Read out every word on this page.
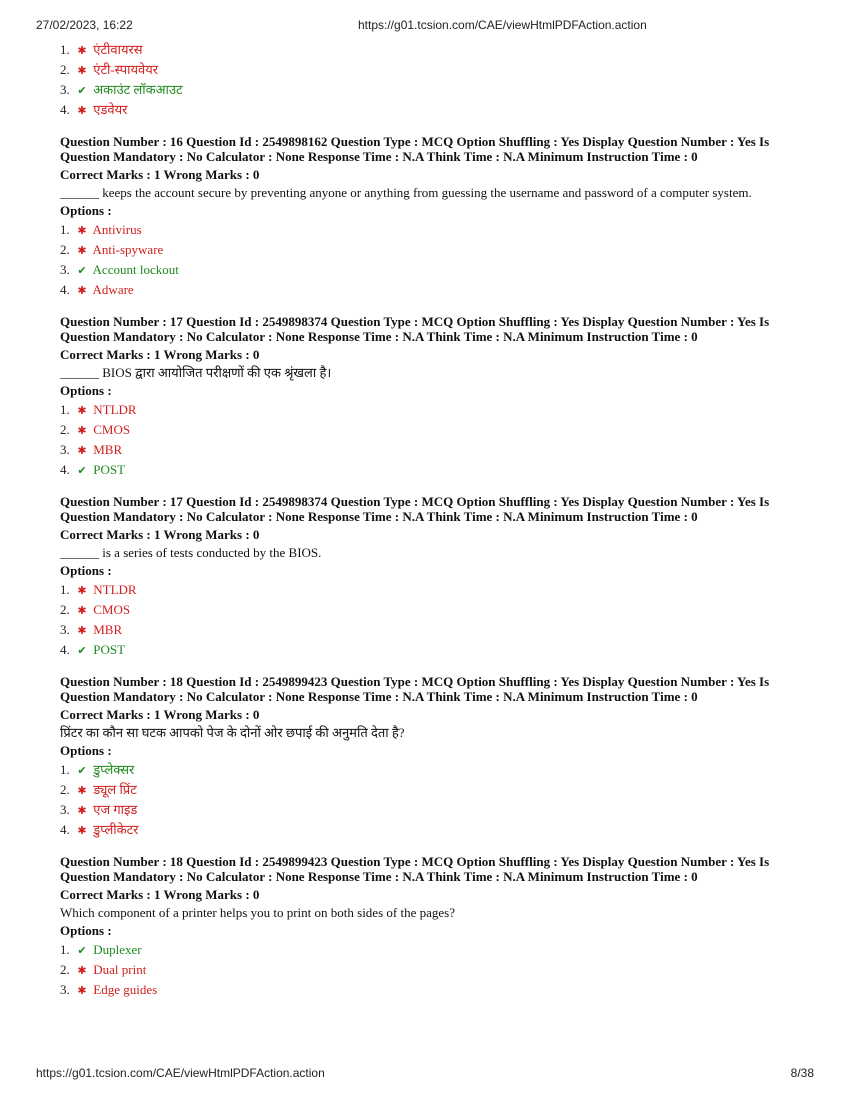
27/02/2023, 16:22	https://g01.tcsion.com/CAE/viewHtmlPDFAction.action
1. ✱ एंटीवायरस
2. ✱ एंटी-स्पायवेयर
3. ✔ अकाउंट लॉकआउट
4. ✱ एडवेयर
Question Number : 16 Question Id : 2549898162 Question Type : MCQ Option Shuffling : Yes Display Question Number : Yes Is Question Mandatory : No Calculator : None Response Time : N.A Think Time : N.A Minimum Instruction Time : 0
Correct Marks : 1 Wrong Marks : 0
______ keeps the account secure by preventing anyone or anything from guessing the username and password of a computer system.
Options :
1. ✱ Antivirus
2. ✱ Anti-spyware
3. ✔ Account lockout
4. ✱ Adware
Question Number : 17 Question Id : 2549898374 Question Type : MCQ Option Shuffling : Yes Display Question Number : Yes Is Question Mandatory : No Calculator : None Response Time : N.A Think Time : N.A Minimum Instruction Time : 0
Correct Marks : 1 Wrong Marks : 0
______ BIOS द्वारा आयोजित परीक्षणों की एक श्रृंखला है।
Options :
1. ✱ NTLDR
2. ✱ CMOS
3. ✱ MBR
4. ✔ POST
Question Number : 17 Question Id : 2549898374 Question Type : MCQ Option Shuffling : Yes Display Question Number : Yes Is Question Mandatory : No Calculator : None Response Time : N.A Think Time : N.A Minimum Instruction Time : 0
Correct Marks : 1 Wrong Marks : 0
______ is a series of tests conducted by the BIOS.
Options :
1. ✱ NTLDR
2. ✱ CMOS
3. ✱ MBR
4. ✔ POST
Question Number : 18 Question Id : 2549899423 Question Type : MCQ Option Shuffling : Yes Display Question Number : Yes Is Question Mandatory : No Calculator : None Response Time : N.A Think Time : N.A Minimum Instruction Time : 0
Correct Marks : 1 Wrong Marks : 0
प्रिंटर का कौन सा घटक आपको पेज के दोनों ओर छपाई की अनुमति देता है?
Options :
1. ✔ डुप्लेक्सर
2. ✱ ड्यूल प्रिंट
3. ✱ एज गाइड
4. ✱ डुप्लीकेटर
Question Number : 18 Question Id : 2549899423 Question Type : MCQ Option Shuffling : Yes Display Question Number : Yes Is Question Mandatory : No Calculator : None Response Time : N.A Think Time : N.A Minimum Instruction Time : 0
Correct Marks : 1 Wrong Marks : 0
Which component of a printer helps you to print on both sides of the pages?
Options :
1. ✔ Duplexer
2. ✱ Dual print
3. ✱ Edge guides
https://g01.tcsion.com/CAE/viewHtmlPDFAction.action	8/38
